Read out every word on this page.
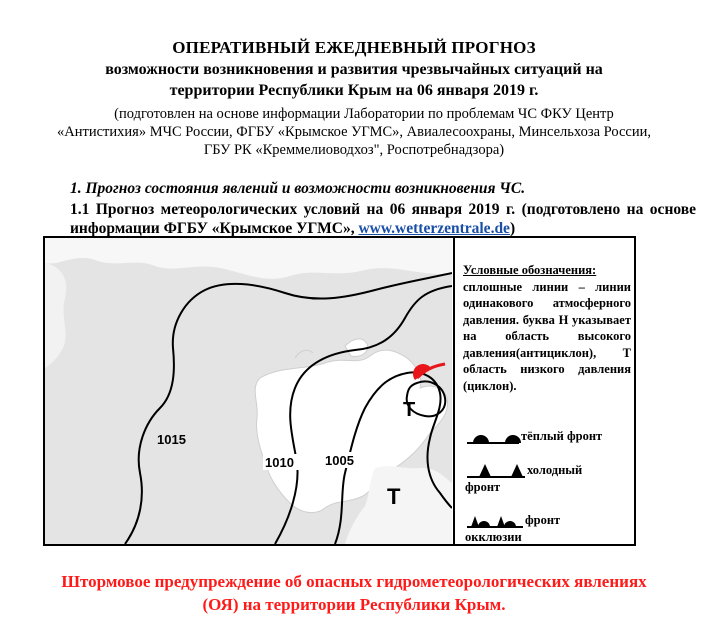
ОПЕРАТИВНЫЙ ЕЖЕДНЕВНЫЙ ПРОГНОЗ
возможности возникновения и развития чрезвычайных ситуаций на
территории Республики Крым на 06 января 2019 г.
(подготовлен на основе информации Лаборатории по проблемам ЧС ФКУ Центр
«Антистихия» МЧС России, ФГБУ «Крымское УГМС», Авиалесоохраны, Минсельхоза России,
ГБУ РК «Креммелиоводхоз", Роспотребнадзора)
1. Прогноз состояния явлений и возможности возникновения ЧС.
1.1 Прогноз метеорологических условий на 06 января 2019 г. (подготовлено на основе информации ФГБУ «Крымское УГМС», www.wetterzentrale.de)
1015
1010 1005
Т
Т
Условные обозначения:
сплошные линии – линии одинакового атмосферного давления. буква Н указывает на область высокого давления(антициклон), Т область низкого давления (циклон).
тёплый фронт
холодный
фронт
фронт
окклюзии
Штормовое предупреждение об опасных гидрометеорологических явлениях
(ОЯ) на территории Республики Крым.
